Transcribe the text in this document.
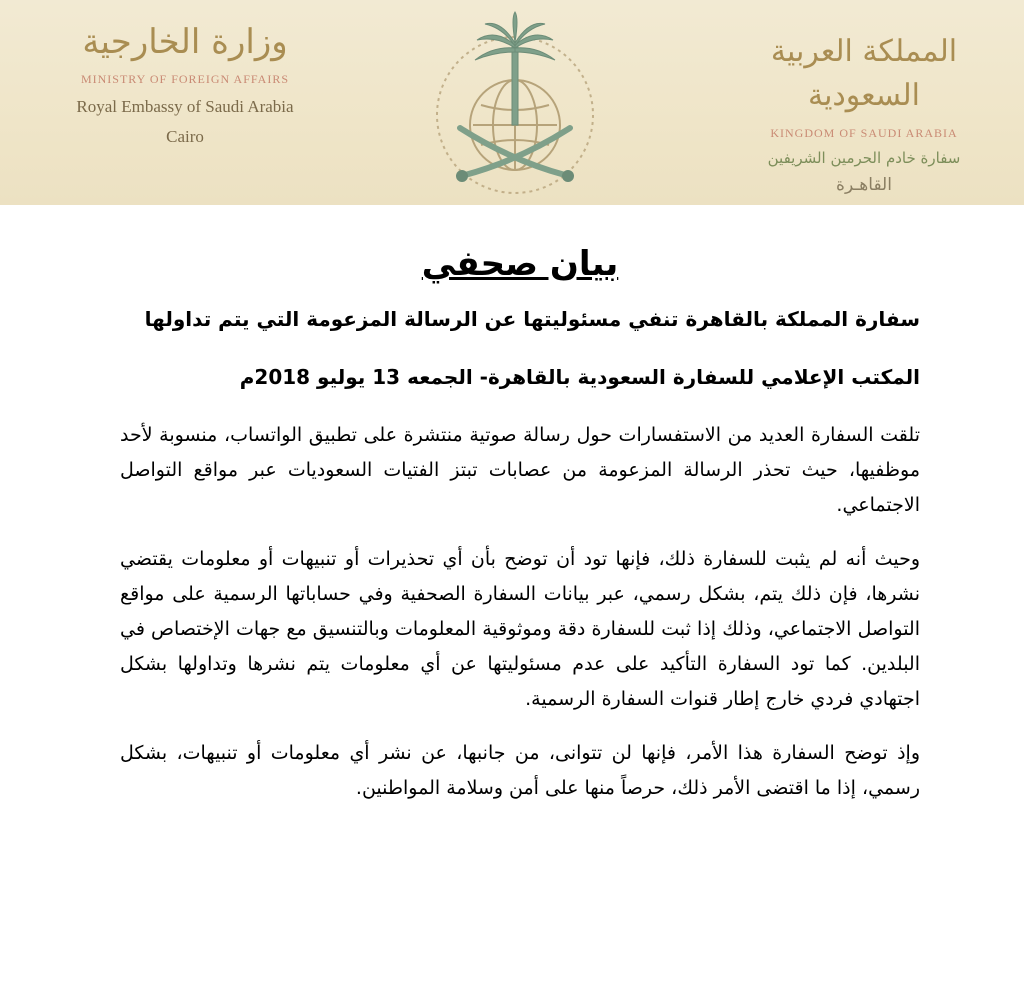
وزارة الخارجية
MINISTRY OF FOREIGN AFFAIRS
Royal Embassy of Saudi Arabia
Cairo
المملكة العربية السعودية
KINGDOM OF SAUDI ARABIA
سفارة خادم الحرمين الشريفين
القاهـرة
بيان صحفي
سفارة المملكة بالقاهرة تنفي مسئوليتها عن الرسالة المزعومة التي يتم تداولها
المكتب الإعلامي للسفارة السعودية بالقاهرة- الجمعه 13 يوليو 2018م

تلقت السفارة العديد من الاستفسارات حول رسالة صوتية منتشرة على تطبيق الواتساب، منسوبة لأحد موظفيها، حيث تحذر الرسالة المزعومة من عصابات تبتز الفتيات السعوديات عبر مواقع التواصل الاجتماعي.

وحيث أنه لم يثبت للسفارة ذلك، فإنها تود أن توضح بأن أي تحذيرات أو تنبيهات أو معلومات يقتضي نشرها، فإن ذلك يتم، بشكل رسمي، عبر بيانات السفارة الصحفية وفي حساباتها الرسمية على مواقع التواصل الاجتماعي، وذلك إذا ثبت للسفارة دقة وموثوقية المعلومات وبالتنسيق مع جهات الإختصاص في البلدين. كما تود السفارة التأكيد على عدم مسئوليتها عن أي معلومات يتم نشرها وتداولها بشكل اجتهادي فردي خارج إطار قنوات السفارة الرسمية.

وإذ توضح السفارة هذا الأمر، فإنها لن تتوانى، من جانبها، عن نشر أي معلومات أو تنبيهات، بشكل رسمي، إذا ما اقتضى الأمر ذلك، حرصاً منها على أمن وسلامة المواطنين.
